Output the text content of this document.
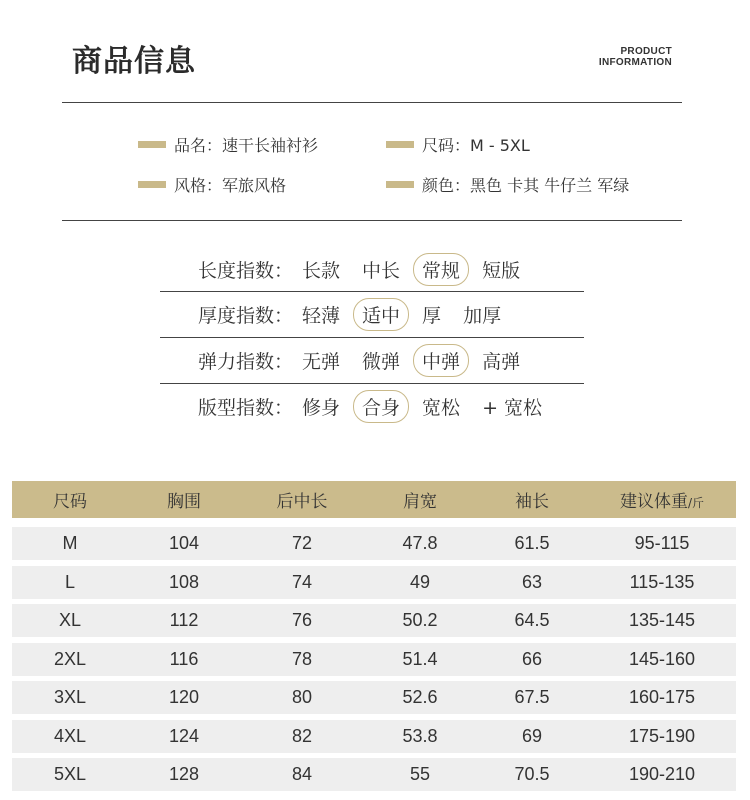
商品信息	PRODUCT
INFORMATION
品名：速干长袖衬衫	尺码：M - 5XL
风格：军旅风格	颜色：黑色 卡其 牛仔兰 军绿
长度指数： 长款	中长	常规	短版
厚度指数： 轻薄	适中	厚	加厚
弹力指数： 无弹	微弹	中弹	高弹
版型指数： 修身	合身	宽松	+ 宽松
尺码	胸围	后中长	肩宽	袖长	建议体重/斤
M	104	72	47.8	61.5	95-115
L	108	74	49	63	115-135
XL	112	76	50.2	64.5	135-145
2XL	116	78	51.4	66	145-160
3XL	120	80	52.6	67.5	160-175
4XL	124	82	53.8	69	175-190
5XL	128	84	55	70.5	190-210
